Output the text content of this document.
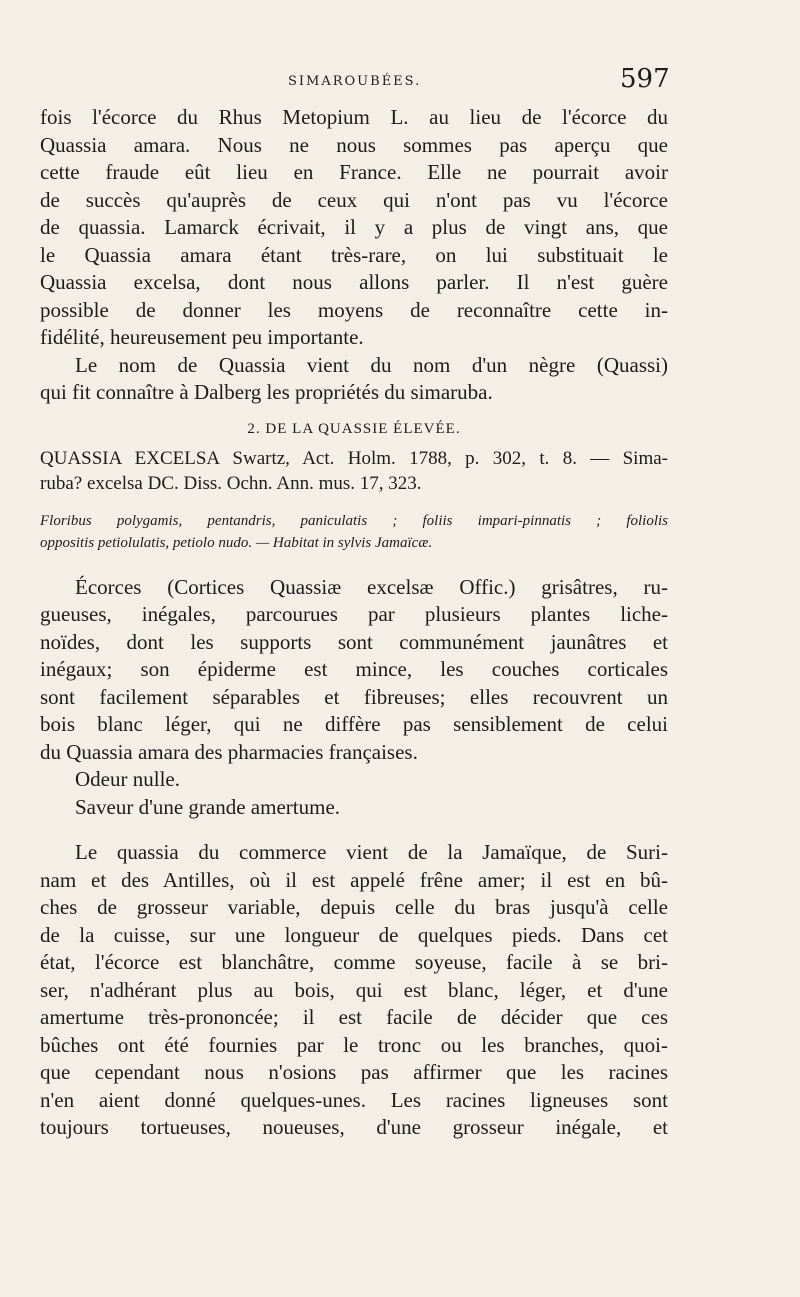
SIMAROUBÉES.	597
fois l'écorce du Rhus Metopium L. au lieu de l'écorce du
Quassia amara. Nous ne nous sommes pas aperçu que
cette fraude eût lieu en France. Elle ne pourrait avoir
de succès qu'auprès de ceux qui n'ont pas vu l'écorce
de quassia. Lamarck écrivait, il y a plus de vingt ans, que
le Quassia amara étant très-rare, on lui substituait le
Quassia excelsa, dont nous allons parler. Il n'est guère
possible de donner les moyens de reconnaître cette in-
fidélité, heureusement peu importante.
Le nom de Quassia vient du nom d'un nègre (Quassi)
qui fit connaître à Dalberg les propriétés du simaruba.
2. DE LA QUASSIE ÉLEVÉE.
QUASSIA EXCELSA Swartz, Act. Holm. 1788, p. 302, t. 8. — Sima-
ruba? excelsa DC. Diss. Ochn. Ann. mus. 17, 323.
Floribus polygamis, pentandris, paniculatis ; foliis impari-pinnatis ; foliolis
oppositis petiolulatis, petiolo nudo. — Habitat in sylvis Jamaïcæ.
Écorces (Cortices Quassiæ excelsæ Offic.) grisâtres, ru-
gueuses, inégales, parcourues par plusieurs plantes liche-
noïdes, dont les supports sont communément jaunâtres et
inégaux; son épiderme est mince, les couches corticales
sont facilement séparables et fibreuses; elles recouvrent un
bois blanc léger, qui ne diffère pas sensiblement de celui
du Quassia amara des pharmacies françaises.
Odeur nulle.
Saveur d'une grande amertume.
Le quassia du commerce vient de la Jamaïque, de Suri-
nam et des Antilles, où il est appelé frêne amer; il est en bû-
ches de grosseur variable, depuis celle du bras jusqu'à celle
de la cuisse, sur une longueur de quelques pieds. Dans cet
état, l'écorce est blanchâtre, comme soyeuse, facile à se bri-
ser, n'adhérant plus au bois, qui est blanc, léger, et d'une
amertume très-prononcée; il est facile de décider que ces
bûches ont été fournies par le tronc ou les branches, quoi-
que cependant nous n'osions pas affirmer que les racines
n'en aient donné quelques-unes. Les racines ligneuses sont
toujours tortueuses, noueuses, d'une grosseur inégale, et
